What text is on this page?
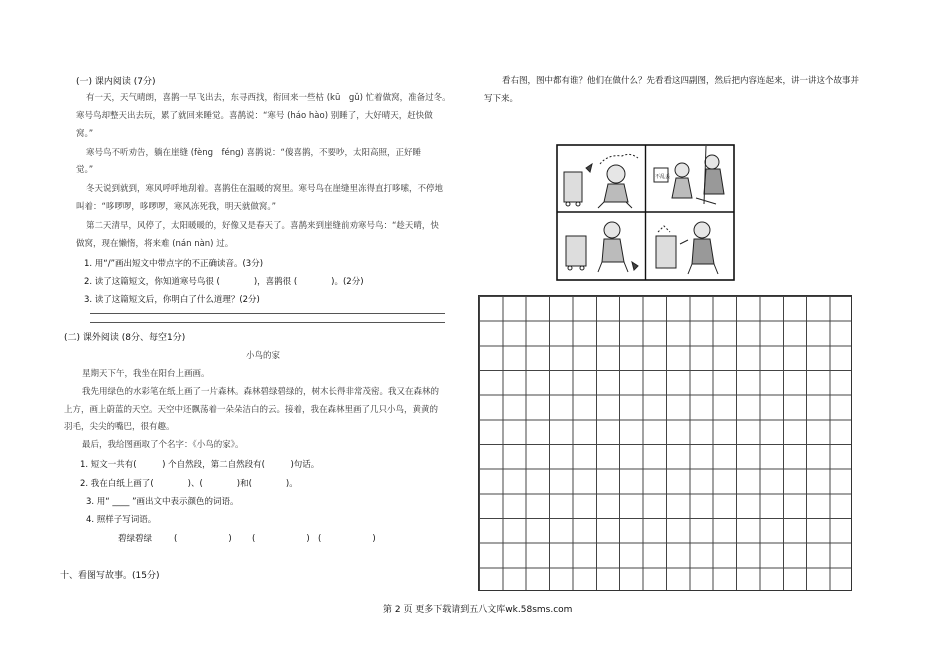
(一) 课内阅读 (7分)
有一天，天气晴朗，喜鹊一早飞出去，东寻西找，衔回来一些枯 (kū　gǔ) 忙着做窝，准备过冬。
寒号鸟却整天出去玩，累了就回来睡觉。喜鹊说：“寒号 (háo hào) 别睡了，大好晴天，赶快做
窝。”
寒号鸟不听劝告，躺在崖缝 (fèng　féng) 喜鹊说：“傻喜鹊，不要吵，太阳高照，正好睡
觉。”
冬天说到就到，寒风呼呼地刮着。喜鹊住在温暖的窝里。寒号鸟在崖缝里冻得直打哆嗦，不停地
叫着：“哆啰啰，哆啰啰，寒风冻死我，明天就做窝。”
第二天清早，风停了，太阳暖暖的，好像又是春天了。喜鹊来到崖缝前劝寒号鸟：“趁天晴，快
做窝，现在懒惰，将来难 (nán nàn) 过。
1. 用“/”画出短文中带点字的不正确读音。(3分)
2. 读了这篇短文，你知道寒号鸟很 (　　　　)，喜鹊很 (　　　　)。(2分)
3. 读了这篇短文后，你明白了什么道理？(2分)
(二) 课外阅读 (8分、每空1分)
小鸟的家
星期天下午，我坐在阳台上画画。
我先用绿色的水彩笔在纸上画了一片森林。森林碧绿碧绿的，树木长得非常茂密。我又在森林的
上方，画上蔚蓝的天空。天空中还飘荡着一朵朵洁白的云。接着，我在森林里画了几只小鸟，黄黄的
羽毛，尖尖的嘴巴，很有趣。
最后，我给图画取了个名字：《小鸟的家》。
1. 短文一共有(　　　) 个自然段，第二自然段有(　　　)句话。
2. 我在白纸上画了(　　　　)、(　　　　)和(　　　　)。
3. 用“ ____ ”画出文中表示颜色的词语。
4. 照样子写词语。
碧绿碧绿	(　　　　　　) (　　　　　　) (　　　　　　)
十、看图写故事。(15分)
看右图，图中都有谁？他们在做什么？先看看这四副图，然后把内容连起来，讲一讲这个故事并
写下来。
不乱丢
第 2 页 更多下载请到五八文库wk.58sms.com
